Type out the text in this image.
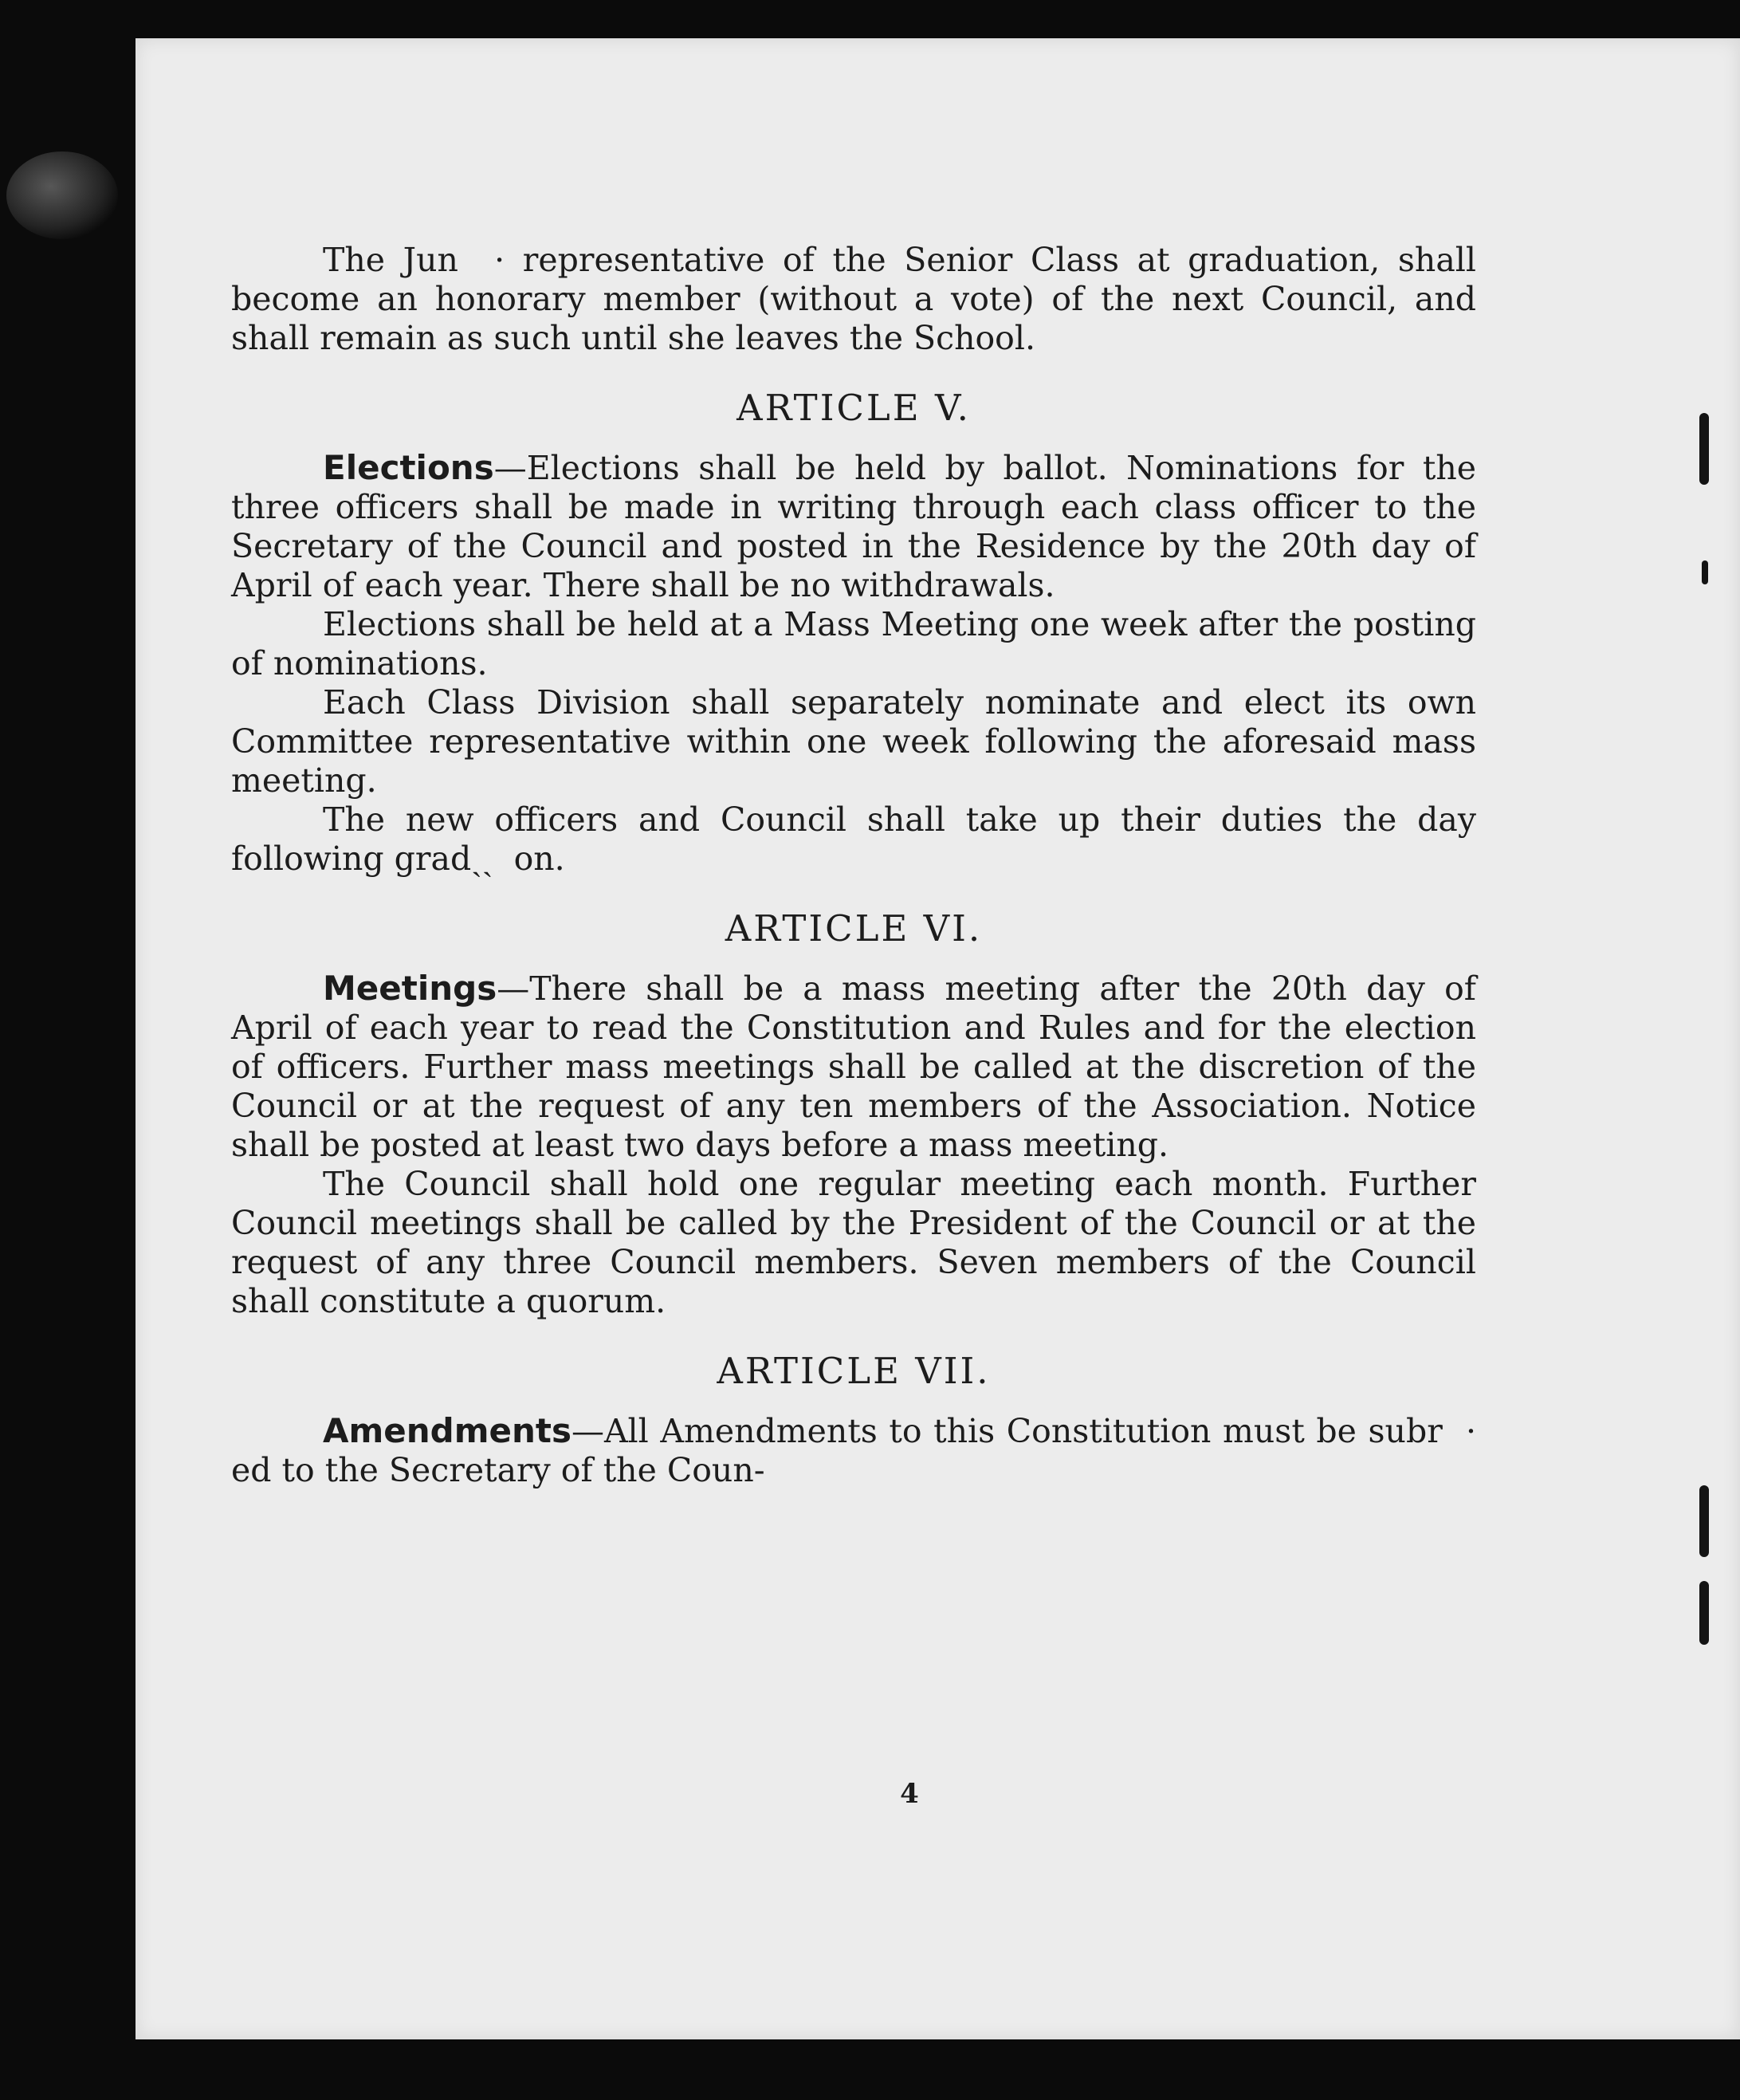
The Jun  · representative of the Senior Class at graduation, shall become an honorary member (without a vote) of the next Council, and shall remain as such until she leaves the School.

ARTICLE V.

Elections—Elections shall be held by ballot. Nominations for the three officers shall be made in writing through each class officer to the Secretary of the Council and posted in the Residence by the 20th day of April of each year. There shall be no withdrawals.

Elections shall be held at a Mass Meeting one week after the posting of nominations.

Each Class Division shall separately nominate and elect its own Committee representative within one week following the aforesaid mass meeting.

The new officers and Council shall take up their duties the day following gradˎˎ  on.

ARTICLE VI.

Meetings—There shall be a mass meeting after the 20th day of April of each year to read the Constitution and Rules and for the election of officers. Further mass meetings shall be called at the discretion of the Council or at the request of any ten members of the Association. Notice shall be posted at least two days before a mass meeting.

The Council shall hold one regular meeting each month. Further Council meetings shall be called by the President of the Council or at the request of any three Council members. Seven members of the Council shall constitute a quorum.

ARTICLE VII.

Amendments—All Amendments to this Constitution must be subr  · ed to the Secretary of the Coun-

4
